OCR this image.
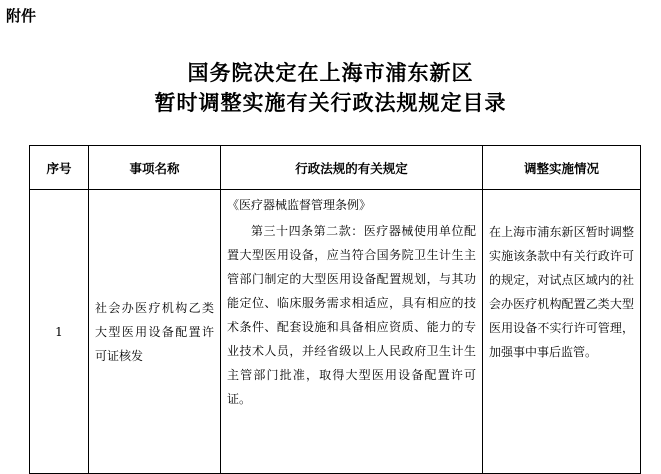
附件
国务院决定在上海市浦东新区
暂时调整实施有关行政法规规定目录
序号	事项名称	行政法规的有关规定	调整实施情况
1	社会办医疗机构乙类大型医用设备配置许可证核发	《医疗器械监督管理条例》
第三十四条第二款：医疗器械使用单位配置大型医用设备，应当符合国务院卫生计生主管部门制定的大型医用设备配置规划，与其功能定位、临床服务需求相适应，具有相应的技术条件、配套设施和具备相应资质、能力的专业技术人员，并经省级以上人民政府卫生计生主管部门批准，取得大型医用设备配置许可证。	在上海市浦东新区暂时调整实施该条款中有关行政许可的规定，对试点区域内的社会办医疗机构配置乙类大型医用设备不实行许可管理，加强事中事后监管。
